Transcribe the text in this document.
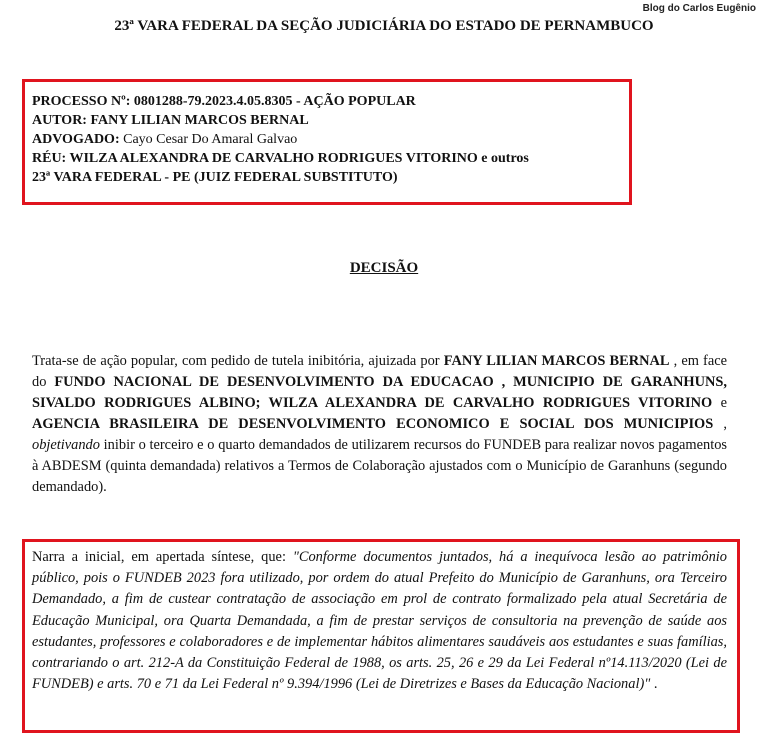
Blog do Carlos Eugênio
23ª VARA FEDERAL DA SEÇÃO JUDICIÁRIA DO ESTADO DE PERNAMBUCO
PROCESSO Nº: 0801288-79.2023.4.05.8305 - AÇÃO POPULAR
AUTOR: FANY LILIAN MARCOS BERNAL
ADVOGADO: Cayo Cesar Do Amaral Galvao
RÉU: WILZA ALEXANDRA DE CARVALHO RODRIGUES VITORINO e outros
23ª VARA FEDERAL - PE (JUIZ FEDERAL SUBSTITUTO)
DECISÃO
Trata-se de ação popular, com pedido de tutela inibitória, ajuizada por FANY LILIAN MARCOS BERNAL , em face do FUNDO NACIONAL DE DESENVOLVIMENTO DA EDUCACAO , MUNICIPIO DE GARANHUNS, SIVALDO RODRIGUES ALBINO; WILZA ALEXANDRA DE CARVALHO RODRIGUES VITORINO e AGENCIA BRASILEIRA DE DESENVOLVIMENTO ECONOMICO E SOCIAL DOS MUNICIPIOS , objetivando inibir o terceiro e o quarto demandados de utilizarem recursos do FUNDEB para realizar novos pagamentos à ABDESM (quinta demandada) relativos a Termos de Colaboração ajustados com o Município de Garanhuns (segundo demandado).
Narra a inicial, em apertada síntese, que: "Conforme documentos juntados, há a inequívoca lesão ao patrimônio público, pois o FUNDEB 2023 fora utilizado, por ordem do atual Prefeito do Município de Garanhuns, ora Terceiro Demandado, a fim de custear contratação de associação em prol de contrato formalizado pela atual Secretária de Educação Municipal, ora Quarta Demandada, a fim de prestar serviços de consultoria na prevenção de saúde aos estudantes, professores e colaboradores e de implementar hábitos alimentares saudáveis aos estudantes e suas famílias, contrariando o art. 212-A da Constituição Federal de 1988, os arts. 25, 26 e 29 da Lei Federal nº14.113/2020 (Lei de FUNDEB) e arts. 70 e 71 da Lei Federal nº 9.394/1996 (Lei de Diretrizes e Bases da Educação Nacional)" .
